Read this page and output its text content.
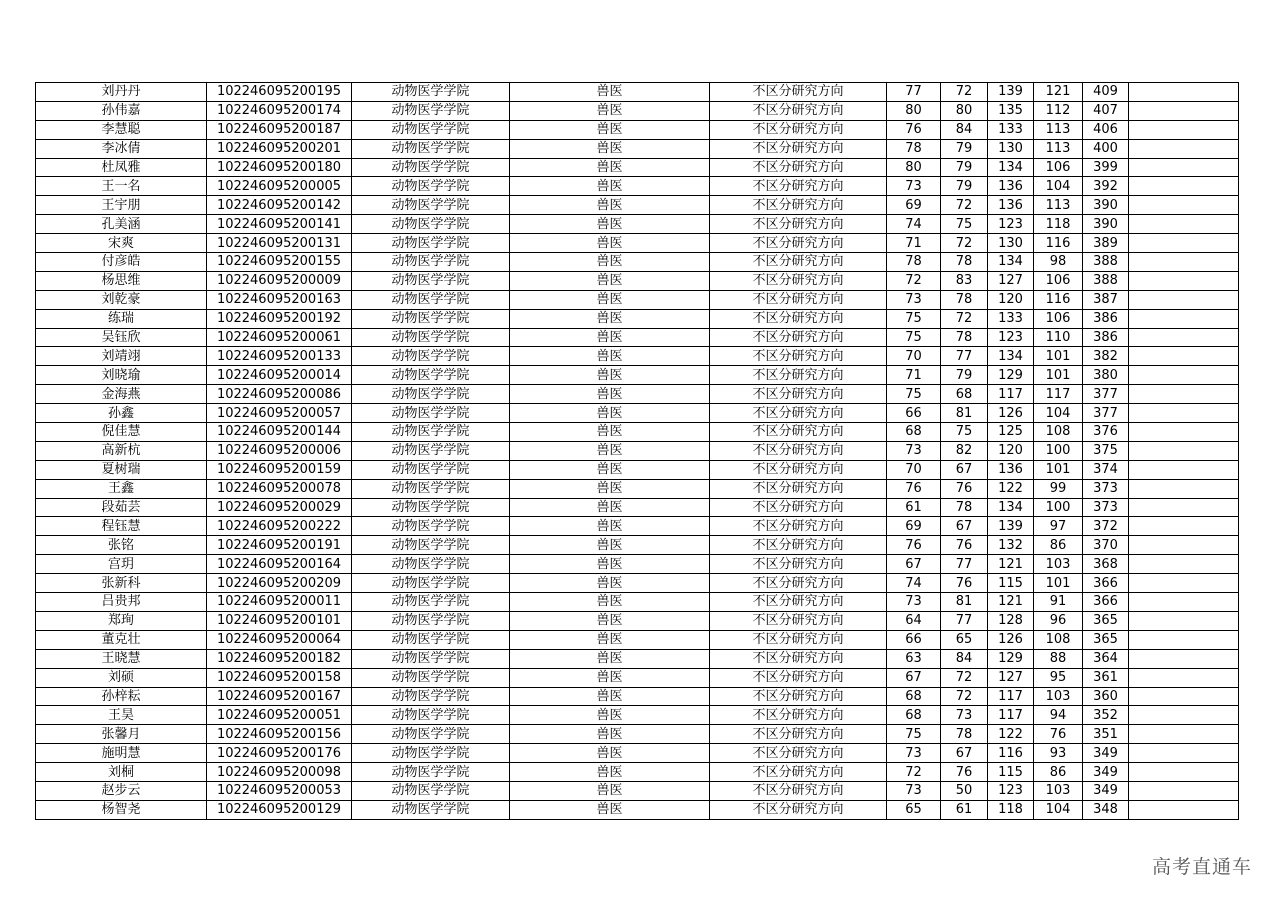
刘丹丹	102246095200195	动物医学学院	兽医	不区分研究方向	77	72	139	121	409	
孙伟嘉	102246095200174	动物医学学院	兽医	不区分研究方向	80	80	135	112	407	
李慧聪	102246095200187	动物医学学院	兽医	不区分研究方向	76	84	133	113	406	
李冰倩	102246095200201	动物医学学院	兽医	不区分研究方向	78	79	130	113	400	
杜凤雅	102246095200180	动物医学学院	兽医	不区分研究方向	80	79	134	106	399	
王一名	102246095200005	动物医学学院	兽医	不区分研究方向	73	79	136	104	392	
王宇朋	102246095200142	动物医学学院	兽医	不区分研究方向	69	72	136	113	390	
孔美涵	102246095200141	动物医学学院	兽医	不区分研究方向	74	75	123	118	390	
宋爽	102246095200131	动物医学学院	兽医	不区分研究方向	71	72	130	116	389	
付彦皓	102246095200155	动物医学学院	兽医	不区分研究方向	78	78	134	98	388	
杨思维	102246095200009	动物医学学院	兽医	不区分研究方向	72	83	127	106	388	
刘乾豪	102246095200163	动物医学学院	兽医	不区分研究方向	73	78	120	116	387	
练瑞	102246095200192	动物医学学院	兽医	不区分研究方向	75	72	133	106	386	
吴钰欣	102246095200061	动物医学学院	兽医	不区分研究方向	75	78	123	110	386	
刘靖翊	102246095200133	动物医学学院	兽医	不区分研究方向	70	77	134	101	382	
刘晓瑜	102246095200014	动物医学学院	兽医	不区分研究方向	71	79	129	101	380	
金海燕	102246095200086	动物医学学院	兽医	不区分研究方向	75	68	117	117	377	
孙鑫	102246095200057	动物医学学院	兽医	不区分研究方向	66	81	126	104	377	
倪佳慧	102246095200144	动物医学学院	兽医	不区分研究方向	68	75	125	108	376	
高新杭	102246095200006	动物医学学院	兽医	不区分研究方向	73	82	120	100	375	
夏树瑞	102246095200159	动物医学学院	兽医	不区分研究方向	70	67	136	101	374	
王鑫	102246095200078	动物医学学院	兽医	不区分研究方向	76	76	122	99	373	
段茹芸	102246095200029	动物医学学院	兽医	不区分研究方向	61	78	134	100	373	
程钰慧	102246095200222	动物医学学院	兽医	不区分研究方向	69	67	139	97	372	
张铭	102246095200191	动物医学学院	兽医	不区分研究方向	76	76	132	86	370	
宫玥	102246095200164	动物医学学院	兽医	不区分研究方向	67	77	121	103	368	
张新科	102246095200209	动物医学学院	兽医	不区分研究方向	74	76	115	101	366	
吕贵邦	102246095200011	动物医学学院	兽医	不区分研究方向	73	81	121	91	366	
郑珣	102246095200101	动物医学学院	兽医	不区分研究方向	64	77	128	96	365	
董克壮	102246095200064	动物医学学院	兽医	不区分研究方向	66	65	126	108	365	
王晓慧	102246095200182	动物医学学院	兽医	不区分研究方向	63	84	129	88	364	
刘硕	102246095200158	动物医学学院	兽医	不区分研究方向	67	72	127	95	361	
孙梓耘	102246095200167	动物医学学院	兽医	不区分研究方向	68	72	117	103	360	
王昊	102246095200051	动物医学学院	兽医	不区分研究方向	68	73	117	94	352	
张馨月	102246095200156	动物医学学院	兽医	不区分研究方向	75	78	122	76	351	
施明慧	102246095200176	动物医学学院	兽医	不区分研究方向	73	67	116	93	349	
刘桐	102246095200098	动物医学学院	兽医	不区分研究方向	72	76	115	86	349	
赵步云	102246095200053	动物医学学院	兽医	不区分研究方向	73	50	123	103	349	
杨智尧	102246095200129	动物医学学院	兽医	不区分研究方向	65	61	118	104	348	
高考直通车
